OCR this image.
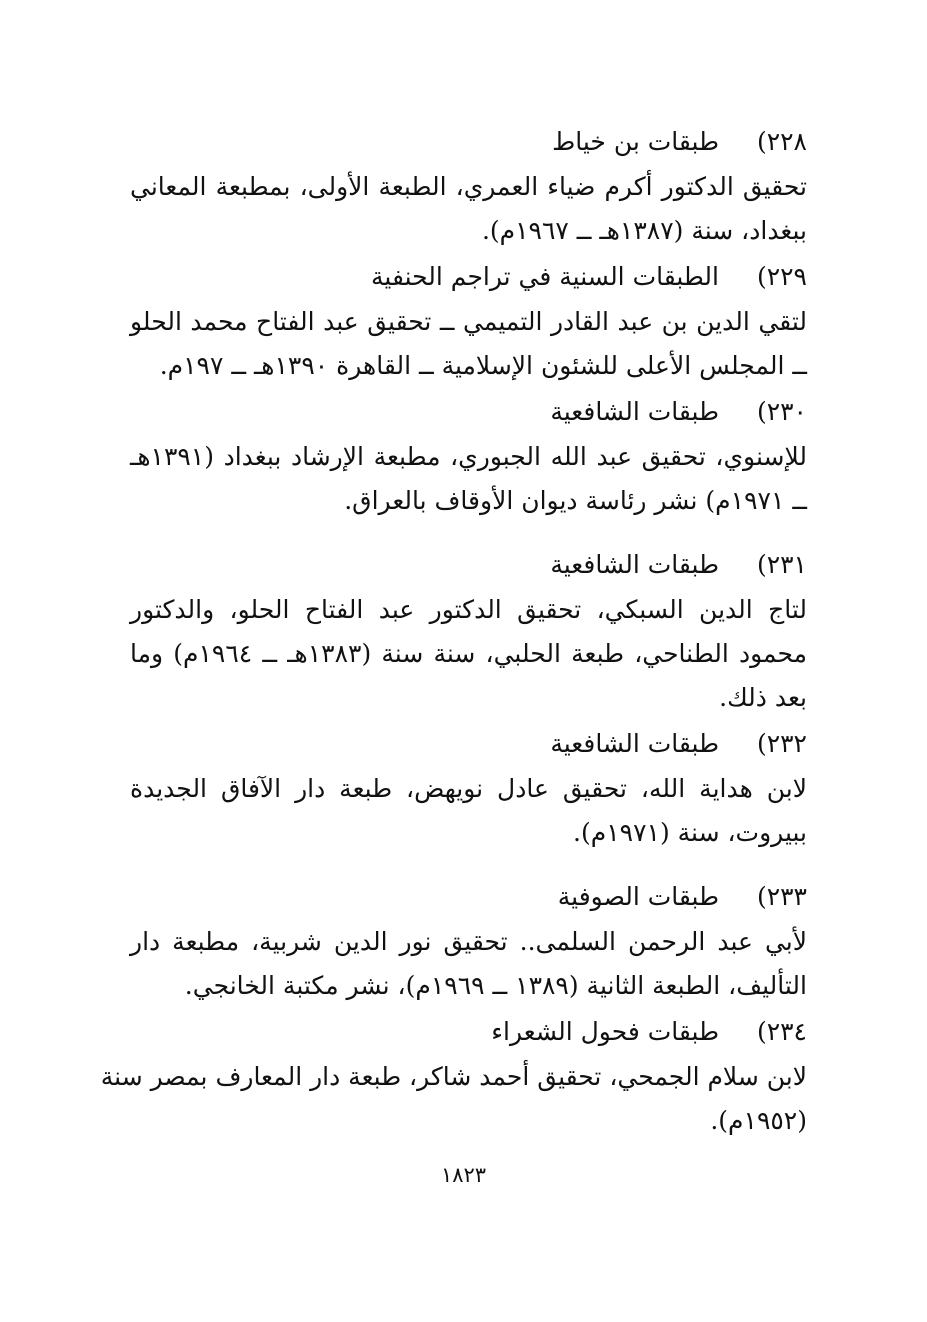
٢٢٨)
طبقات بن خياط
تحقيق الدكتور أكرم ضياء العمري، الطبعة الأولى، بمطبعة المعاني
ببغداد، سنة (١٣٨٧هـ ــ ١٩٦٧م).
٢٢٩)
الطبقات السنية في تراجم الحنفية
لتقي الدين بن عبد القادر التميمي ــ تحقيق عبد الفتاح محمد الحلو
ــ المجلس الأعلى للشئون الإسلامية ــ القاهرة ١٣٩٠هـ ــ ١٩٧م.
٢٣٠)
طبقات الشافعية
للإسنوي، تحقيق عبد الله الجبوري، مطبعة الإرشاد ببغداد (١٣٩١هـ
ــ ١٩٧١م) نشر رئاسة ديوان الأوقاف بالعراق.
٢٣١)
طبقات الشافعية
لتاج الدين السبكي، تحقيق الدكتور عبد الفتاح الحلو، والدكتور
محمود الطناحي، طبعة الحلبي، سنة سنة (١٣٨٣هـ ــ ١٩٦٤م) وما
بعد ذلك.
٢٣٢)
طبقات الشافعية
لابن هداية الله، تحقيق عادل نويهض، طبعة دار الآفاق الجديدة
ببيروت، سنة (١٩٧١م).
٢٣٣)
طبقات الصوفية
لأبي عبد الرحمن السلمى.. تحقيق نور الدين شربية، مطبعة دار
التأليف، الطبعة الثانية (١٣٨٩ ــ ١٩٦٩م)، نشر مكتبة الخانجي.
٢٣٤)
طبقات فحول الشعراء
لابن سلام الجمحي، تحقيق أحمد شاكر، طبعة دار المعارف بمصر سنة
(١٩٥٢م).
١٨٢٣
